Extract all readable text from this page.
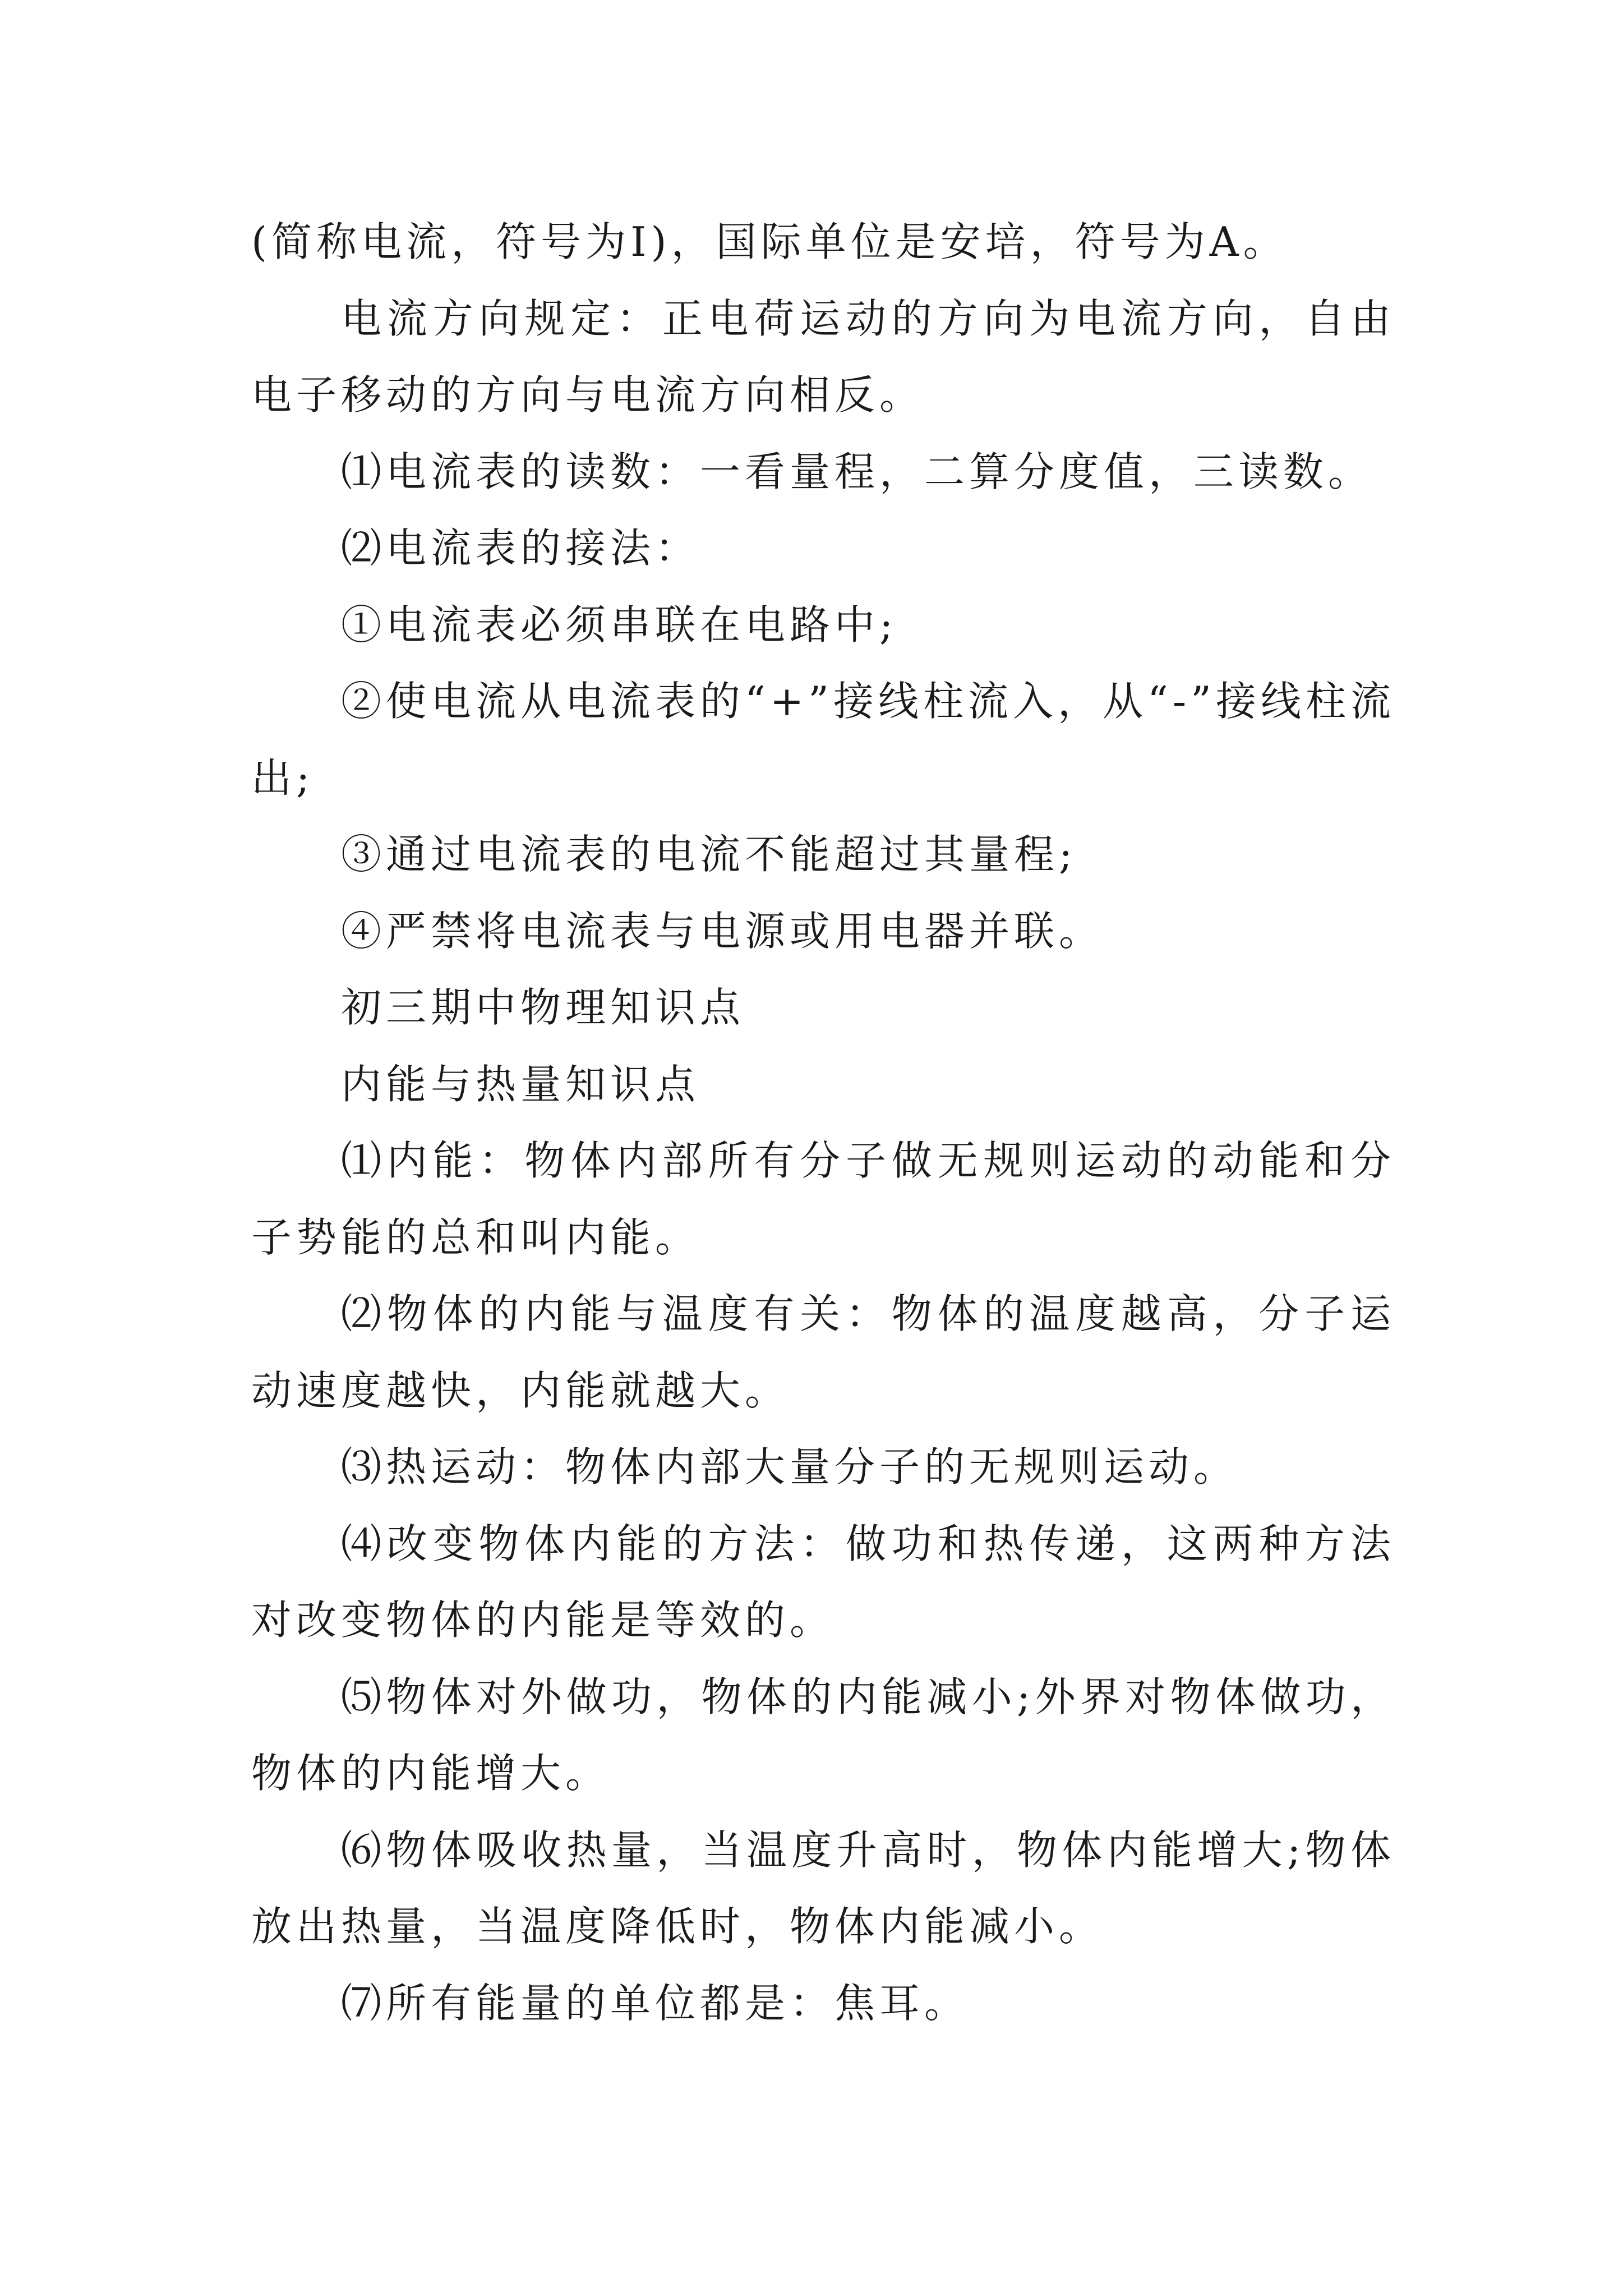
(简称电流，符号为I)，国际单位是安培，符号为A。

电流方向规定：正电荷运动的方向为电流方向，自由电子移动的方向与电流方向相反。

⑴电流表的读数：一看量程，二算分度值，三读数。

⑵电流表的接法：

①电流表必须串联在电路中;

②使电流从电流表的“+”接线柱流入，从“-”接线柱流出;

③通过电流表的电流不能超过其量程;

④严禁将电流表与电源或用电器并联。

初三期中物理知识点

内能与热量知识点

⑴内能：物体内部所有分子做无规则运动的动能和分子势能的总和叫内能。

⑵物体的内能与温度有关：物体的温度越高，分子运动速度越快，内能就越大。

⑶热运动：物体内部大量分子的无规则运动。

⑷改变物体内能的方法：做功和热传递，这两种方法对改变物体的内能是等效的。

⑸物体对外做功，物体的内能减小;外界对物体做功，物体的内能增大。

⑹物体吸收热量，当温度升高时，物体内能增大;物体放出热量，当温度降低时，物体内能减小。

⑺所有能量的单位都是：焦耳。
